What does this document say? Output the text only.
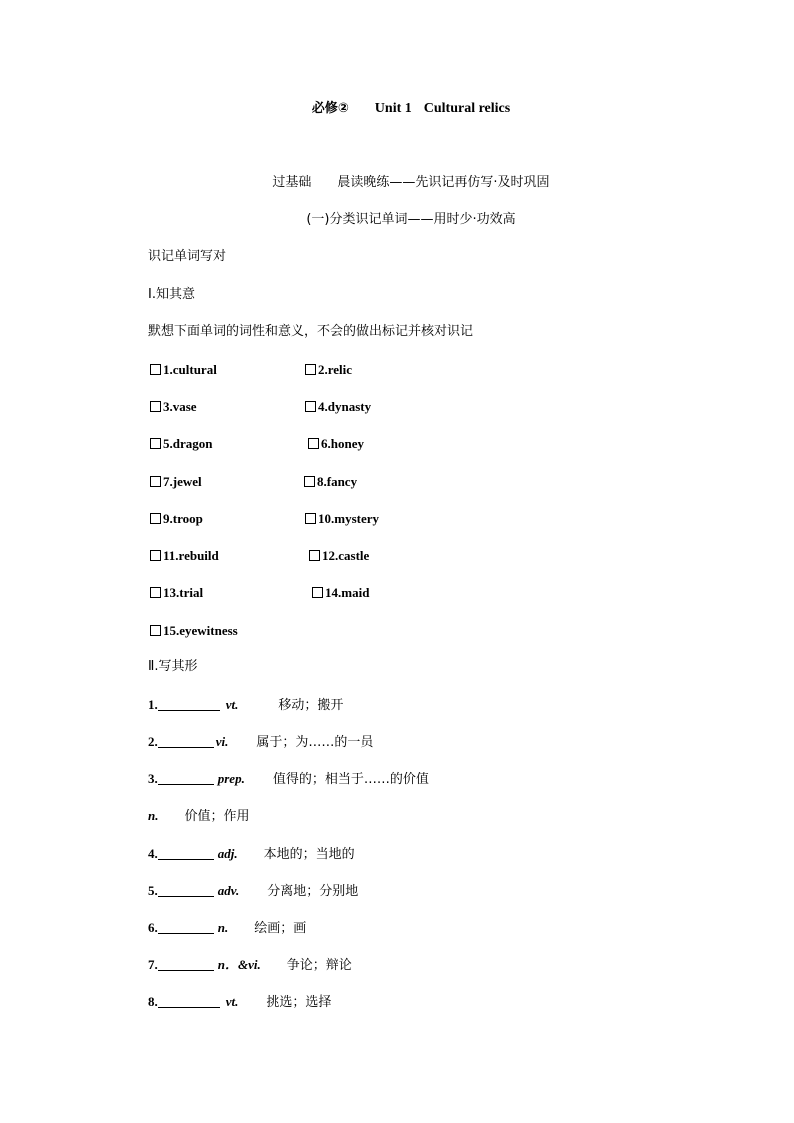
必修② Unit 1 Cultural relics
过基础　　晨读晚练——先识记再仿写·及时巩固
(一)分类识记单词——用时少·功效高
识记单词写对
Ⅰ.知其意
默想下面单词的词性和意义，不会的做出标记并核对识记
1.cultural	2.relic
3.vase	4.dynasty
5.dragon	6.honey
7.jewel	8.fancy
9.troop	10.mystery
11.rebuild	12.castle
13.trial	14.maid
15.eyewitness
Ⅱ.写其形
1.	vt.	移动；搬开
2.	vi. 属于；为……的一员
3.	prep. 值得的；相当于……的价值
n. 价值；作用
4.	adj. 本地的；当地的
5.	adv. 分离地；分别地
6.	n. 绘画；画
7.	n．&vi. 争论；辩论
8.	vt. 挑选；选择
